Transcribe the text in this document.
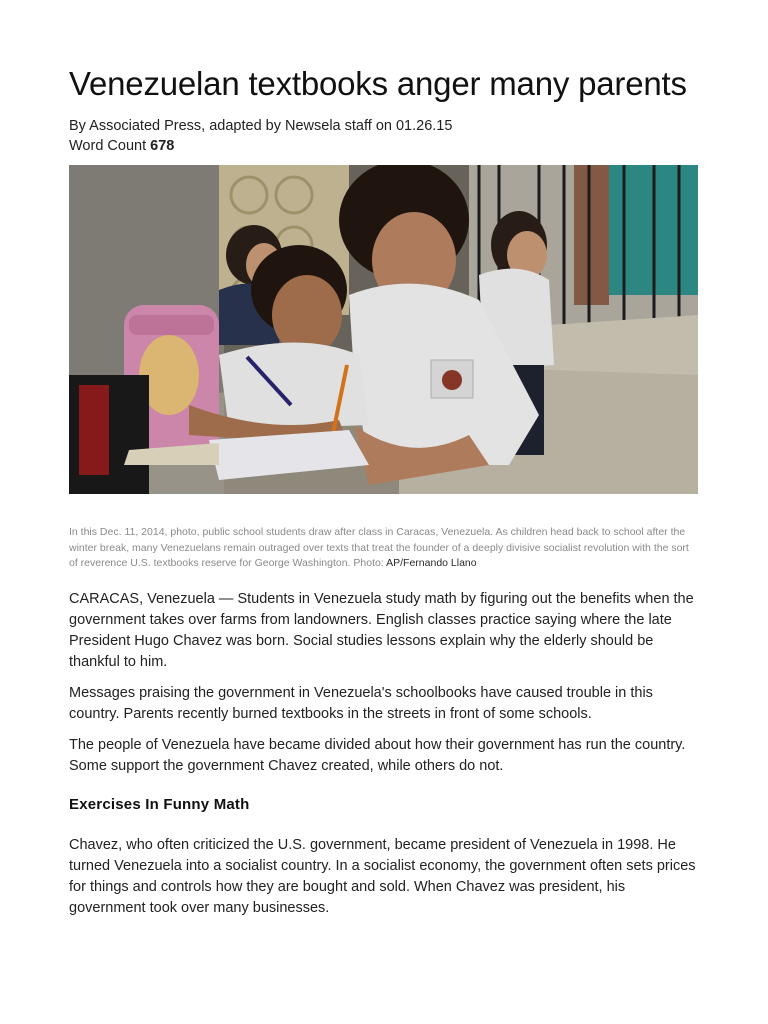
Venezuelan textbooks anger many parents
By Associated Press, adapted by Newsela staff on 01.26.15
Word Count 678
In this Dec. 11, 2014, photo, public school students draw after class in Caracas, Venezuela. As children head back to school after the winter break, many Venezuelans remain outraged over texts that treat the founder of a deeply divisive socialist revolution with the sort of reverence U.S. textbooks reserve for George Washington. Photo: AP/Fernando Llano

CARACAS, Venezuela — Students in Venezuela study math by figuring out the benefits when the government takes over farms from landowners. English classes practice saying where the late President Hugo Chavez was born. Social studies lessons explain why the elderly should be thankful to him.

Messages praising the government in Venezuela's schoolbooks have caused trouble in this country. Parents recently burned textbooks in the streets in front of some schools.

The people of Venezuela have became divided about how their government has run the country. Some support the government Chavez created, while others do not.

Exercises In Funny Math

Chavez, who often criticized the U.S. government, became president of Venezuela in 1998. He turned Venezuela into a socialist country. In a socialist economy, the government often sets prices for things and controls how they are bought and sold. When Chavez was president, his government took over many businesses.
